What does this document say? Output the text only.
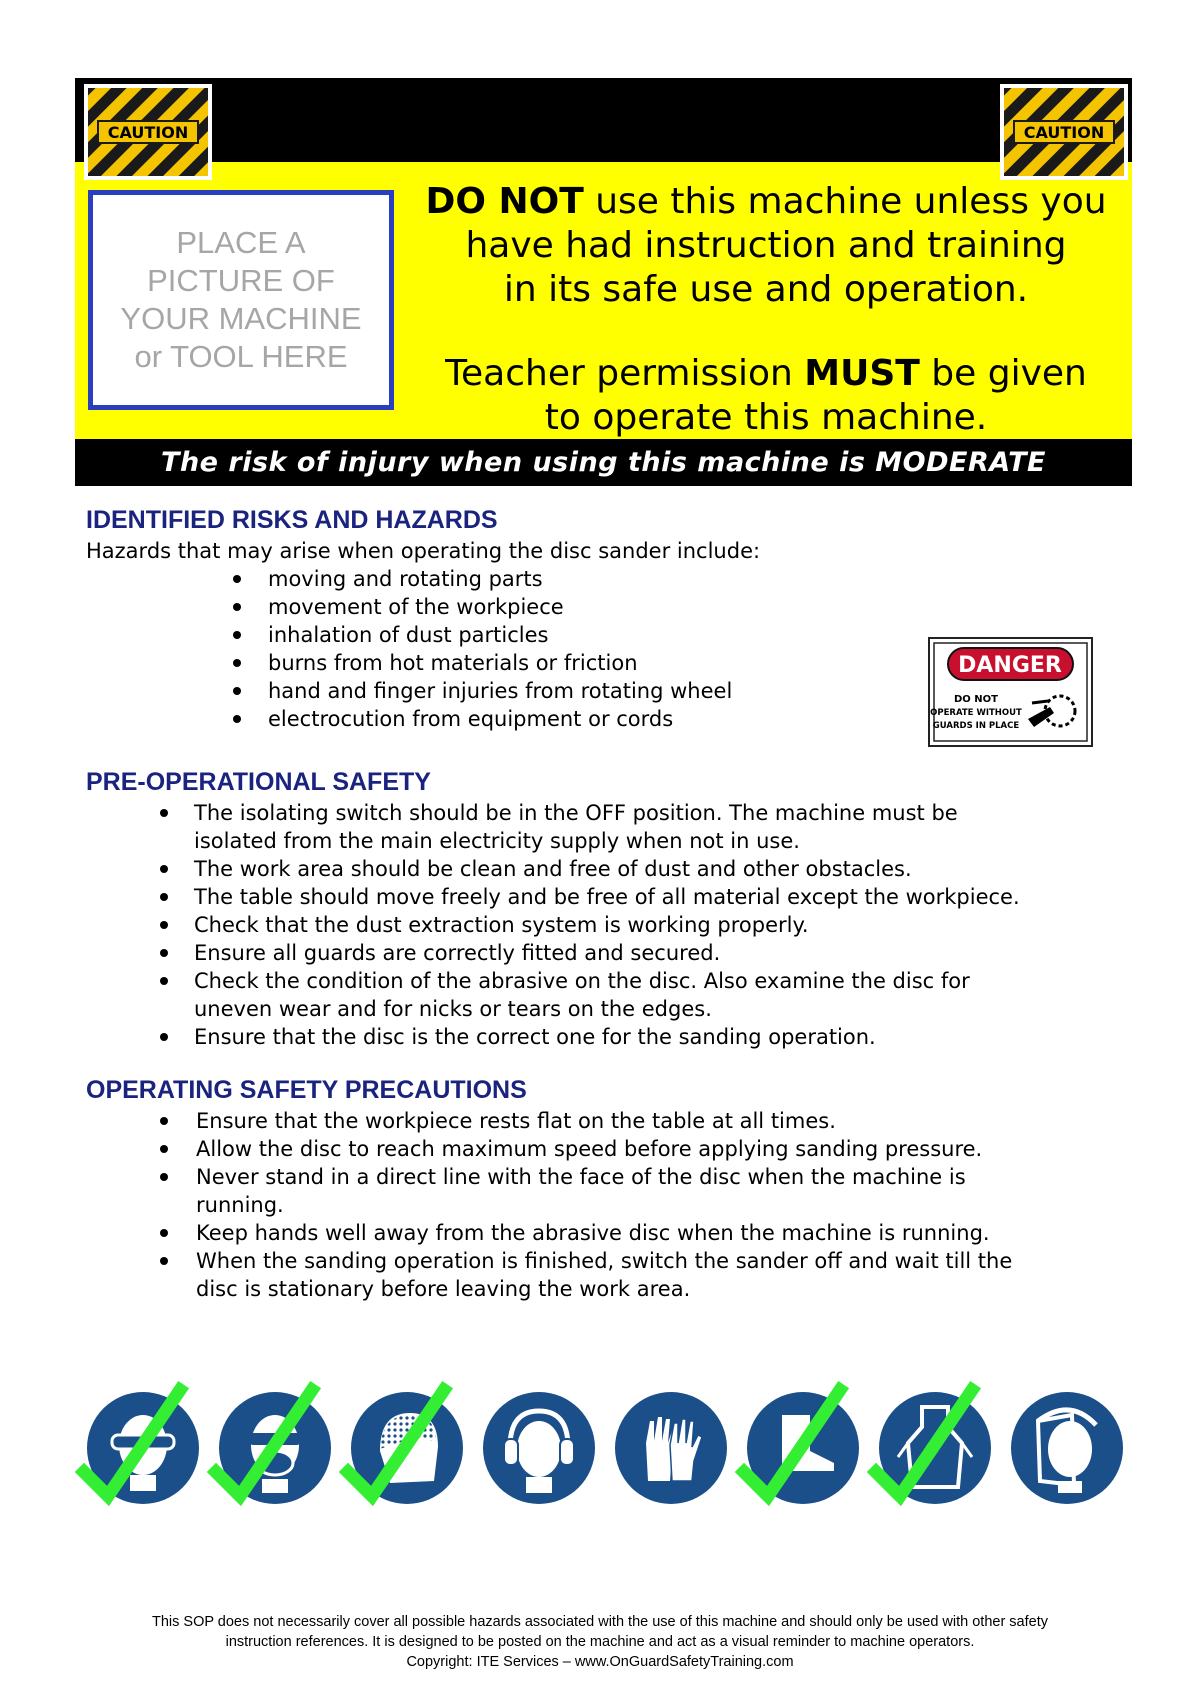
CAUTION	CAUTION
PLACE A
PICTURE OF
YOUR MACHINE
or TOOL HERE
DO NOT use this machine unless you
have had instruction and training
in its safe use and operation.
Teacher permission MUST be given
to operate this machine.
The risk of injury when using this machine is MODERATE
IDENTIFIED RISKS AND HAZARDS
Hazards that may arise when operating the disc sander include:
moving and rotating parts
movement of the workpiece
inhalation of dust particles
burns from hot materials or friction
hand and finger injuries from rotating wheel
electrocution from equipment or cords
DANGER
DO NOT
OPERATE WITHOUT
GUARDS IN PLACE
PRE-OPERATIONAL SAFETY
The isolating switch should be in the OFF position. The machine must be
isolated from the main electricity supply when not in use.
The work area should be clean and free of dust and other obstacles.
The table should move freely and be free of all material except the workpiece.
Check that the dust extraction system is working properly.
Ensure all guards are correctly fitted and secured.
Check the condition of the abrasive on the disc. Also examine the disc for
uneven wear and for nicks or tears on the edges.
Ensure that the disc is the correct one for the sanding operation.
OPERATING SAFETY PRECAUTIONS
Ensure that the workpiece rests flat on the table at all times.
Allow the disc to reach maximum speed before applying sanding pressure.
Never stand in a direct line with the face of the disc when the machine is
running.
Keep hands well away from the abrasive disc when the machine is running.
When the sanding operation is finished, switch the sander off and wait till the
disc is stationary before leaving the work area.
This SOP does not necessarily cover all possible hazards associated with the use of this machine and should only be used with other safety
instruction references. It is designed to be posted on the machine and act as a visual reminder to machine operators.
Copyright: ITE Services – www.OnGuardSafetyTraining.com
